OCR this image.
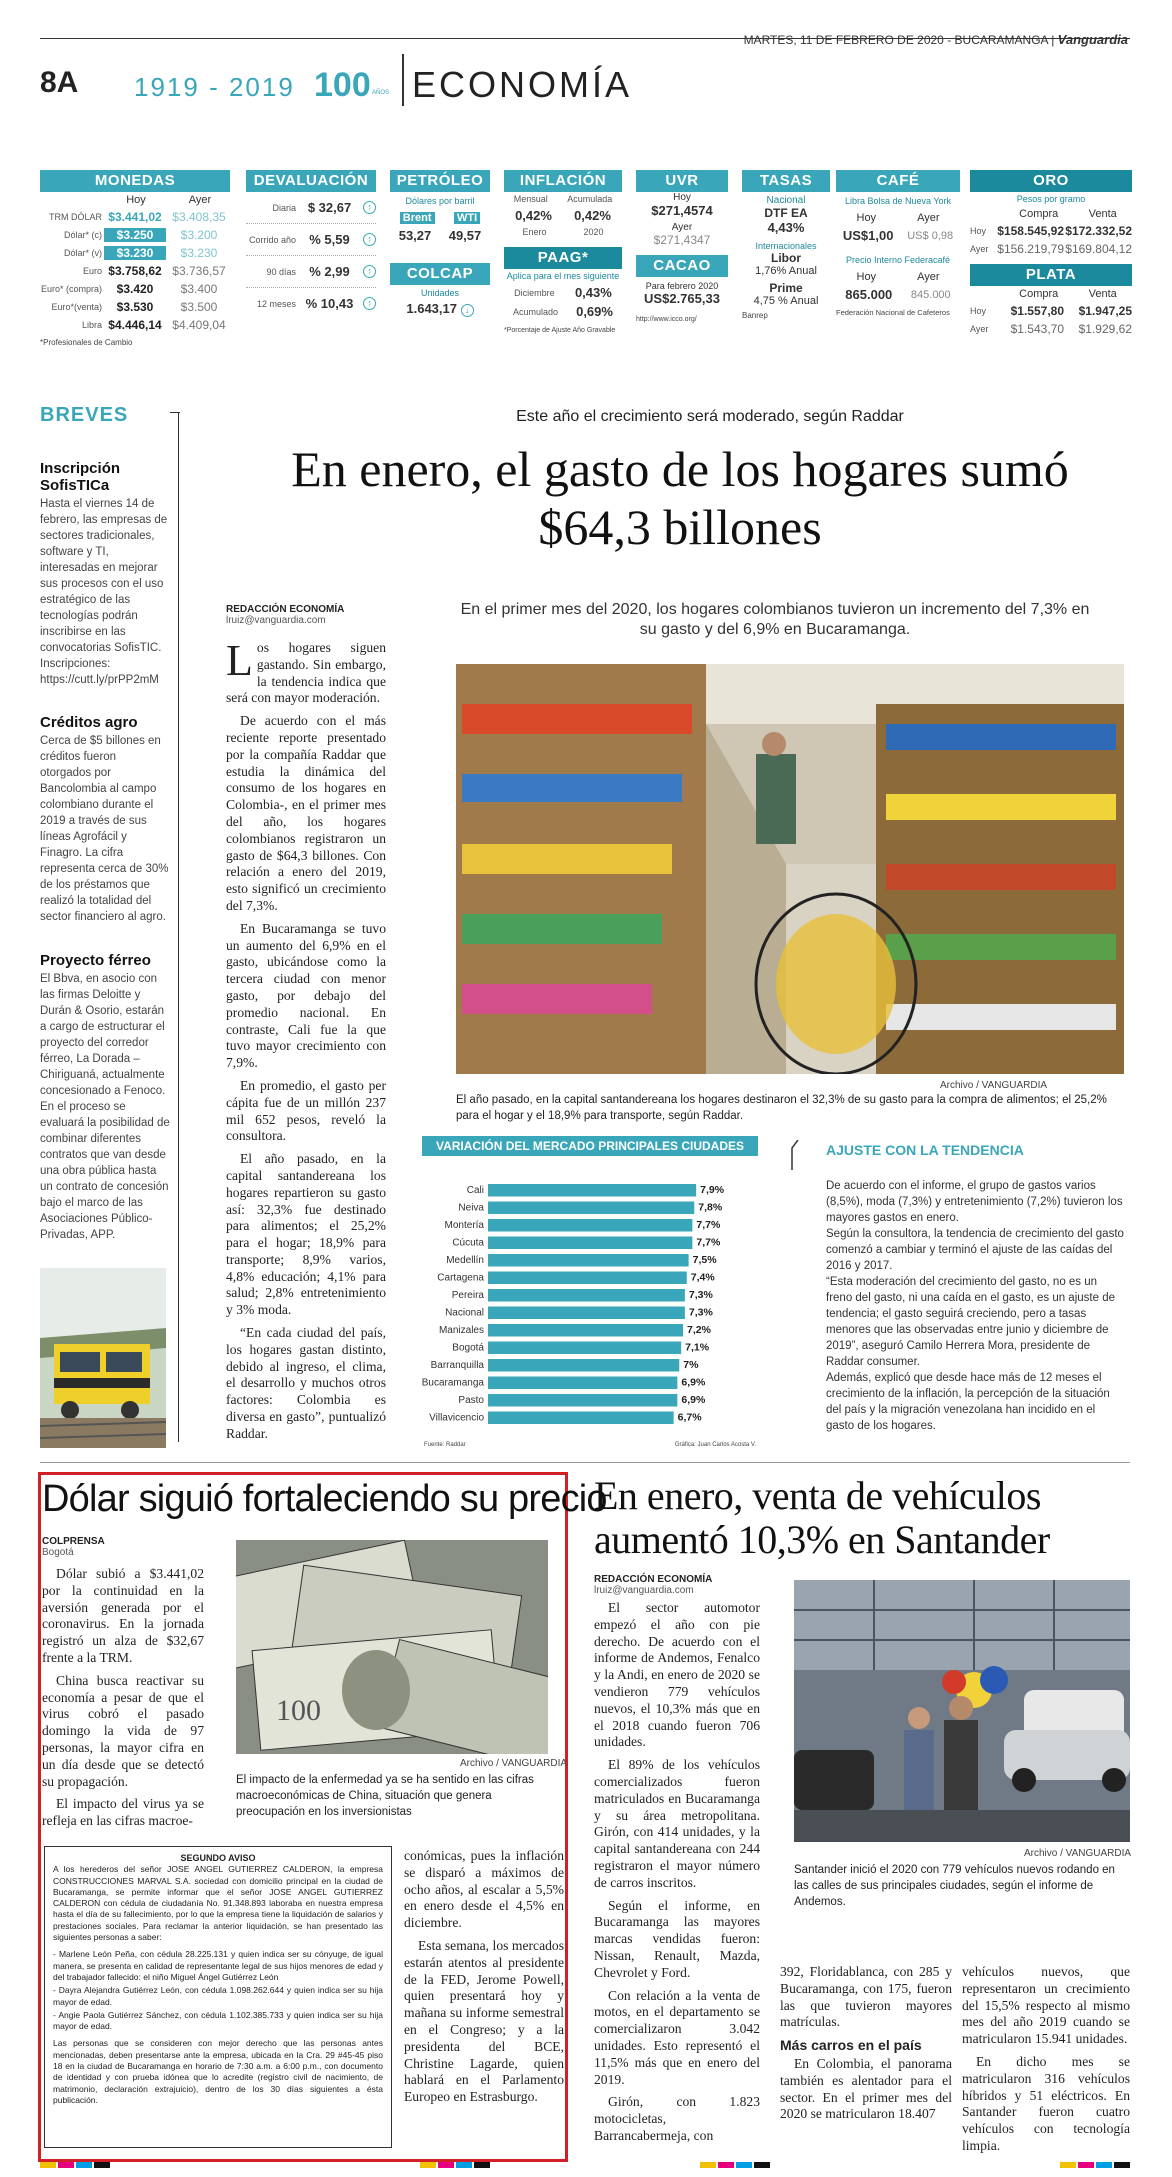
MARTES, 11 DE FEBRERO DE 2020 - BUCARAMANGA | Vanguardia
8A 1919 - 2019 100 AÑOS ECONOMÍA
MONEDAS
Hoy	Ayer
TRM DÓLAR $3.441,02 $3.408,35
Dólar* (c)	$3.250	$3.200
Dólar* (v)	$3.230	$3.230
Euro $3.758,62 $3.736,57
Euro* (compra)	$3.420	$3.400
Euro*(venta)	$3.530	$3.500
Libra $4.446,14 $4.409,04
*Profesionales de Cambio
DEVALUACIÓN
Diaria $ 32,67	↑
Corrido año % 5,59	↑
90 días % 2,99	↑
12 meses % 10,43	↑
PETRÓLEO
Dólares por barril
Brent WTI
53,27 49,57
COLCAP
Unidades
1.643,17 ↓
INFLACIÓN
Mensual Acumulada
0,42% 0,42%
Enero	2020
PAAG*
Aplica para el mes siguiente
Diciembre 0,43%
Acumulado 0,69%
*Porcentaje de Ajuste Año Gravable
UVR
Hoy
$271,4574
Ayer
$271,4347
CACAO
Para febrero 2020
US$2.765,33
http://www.icco.org/
TASAS
Nacional
DTF EA
4,43%
Internacionales
Libor
1,76% Anual
Prime
4,75 % Anual
Banrep
CAFÉ
Libra Bolsa de Nueva York
Hoy	Ayer
US$1,00 US$ 0,98
Precio Interno Federacafé
Hoy	Ayer
865.000 845.000
Federación Nacional de Cafeteros
ORO
Pesos por gramo
Compra	Venta
Hoy $158.545,92 $172.332,52
Ayer $156.219,79 $169.804,12
PLATA
Compra	Venta
Hoy	$1.557,80 $1.947,25
Ayer	$1.543,70 $1.929,62
BREVES
Inscripción SofisTICa

Hasta el viernes 14 de febrero, las empresas de sectores tradicionales, software y TI, interesadas en mejorar sus procesos con el uso estratégico de las tecnologías podrán inscribirse en las convocatorias SofisTIC. Inscripciones: https://cutt.ly/prPP2mM

Créditos agro

Cerca de $5 billones en créditos fueron otorgados por Bancolombia al campo colombiano durante el 2019 a través de sus líneas Agrofácil y Finagro. La cifra representa cerca de 30% de los préstamos que realizó la totalidad del sector financiero al agro.

Proyecto férreo

El Bbva, en asocio con las firmas Deloitte y Durán & Osorio, estarán a cargo de estructurar el proyecto del corredor férreo, La Dorada – Chiriguaná, actualmente concesionado a Fenoco. En el proceso se evaluará la posibilidad de combinar diferentes contratos que van desde una obra pública hasta un contrato de concesión bajo el marco de las Asociaciones Público-Privadas, APP.

Este año el crecimiento será moderado, según Raddar
En enero, el gasto de los hogares sumó $64,3 billones
REDACCIÓN ECONOMÍA
lruiz@vanguardia.com
En el primer mes del 2020, los hogares colombianos tuvieron un incremento del 7,3% en su gasto y del 6,9% en Bucaramanga.

Los hogares siguen gastando. Sin embargo, la tendencia indica que será con mayor moderación.

De acuerdo con el más reciente reporte presentado por la compañía Raddar que estudia la dinámica del consumo de los hogares en Colombia-, en el primer mes del año, los hogares colombianos registraron un gasto de $64,3 billones. Con relación a enero del 2019, esto significó un crecimiento del 7,3%.

En Bucaramanga se tuvo un aumento del 6,9% en el gasto, ubicándose como la tercera ciudad con menor gasto, por debajo del promedio nacional. En contraste, Cali fue la que tuvo mayor crecimiento con 7,9%.

En promedio, el gasto per cápita fue de un millón 237 mil 652 pesos, reveló la consultora.

El año pasado, en la capital santandereana los hogares repartieron su gasto así: 32,3% fue destinado para alimentos; el 25,2% para el hogar; 18,9% para transporte; 8,9% varios, 4,8% educación; 4,1% para salud; 2,8% entretenimiento y 3% moda.

“En cada ciudad del país, los hogares gastan distinto, debido al ingreso, el clima, el desarrollo y muchos otros factores: Colombia es diversa en gasto”, puntualizó Raddar.

Archivo / VANGUARDIA
El año pasado, en la capital santandereana los hogares destinaron el 32,3% de su gasto para la compra de alimentos; el 25,2% para el hogar y el 18,9% para transporte, según Raddar.
VARIACIÓN DEL MERCADO PRINCIPALES CIUDADES
Cali	7,9%
Neiva	7,8%
Montería	7,7%
Cúcuta	7,7%
Medellín	7,5%
Cartagena	7,4%
Pereira	7,3%
Nacional	7,3%
Manizales	7,2%
Bogotá	7,1%
Barranquilla	7%
Bucaramanga	6,9%
Pasto	6,9%
Villavicencio	6,7%
Fuente: Raddar	Gráfica: Juan Carlos Acosta V.
AJUSTE CON LA TENDENCIA

De acuerdo con el informe, el grupo de gastos varios (8,5%), moda (7,3%) y entretenimiento (7,2%) tuvieron los mayores gastos en enero.

Según la consultora, la tendencia de crecimiento del gasto comenzó a cambiar y terminó el ajuste de las caídas del 2016 y 2017.

“Esta moderación del crecimiento del gasto, no es un freno del gasto, ni una caída en el gasto, es un ajuste de tendencia; el gasto seguirá creciendo, pero a tasas menores que las observadas entre junio y diciembre de 2019”, aseguró Camilo Herrera Mora, presidente de Raddar consumer.

Además, explicó que desde hace más de 12 meses el crecimiento de la inflación, la percepción de la situación del país y la migración venezolana han incidido en el gasto de los hogares.

Dólar siguió fortaleciendo su precio
COLPRENSA
Bogotá

Dólar subió a $3.441,02 por la continuidad en la aversión generada por el coronavirus. En la jornada registró un alza de $32,67 frente a la TRM.

China busca reactivar su economía a pesar de que el virus cobró el pasado domingo la vida de 97 personas, la mayor cifra en un día desde que se detectó su propagación.

El impacto del virus ya se refleja en las cifras macroe-

100
Archivo / VANGUARDIA
El impacto de la enfermedad ya se ha sentido en las cifras macroeconómicas de China, situación que genera preocupación en los inversionistas
SEGUNDO AVISO

A los herederos del señor JOSE ANGEL GUTIERREZ CALDERON, la empresa CONSTRUCCIONES MARVAL S.A. sociedad con domicilio principal en la ciudad de Bucaramanga, se permite informar que el señor JOSE ANGEL GUTIERREZ CALDERON con cédula de ciudadanía No. 91.348.893 laboraba en nuestra empresa hasta el día de su fallecimiento, por lo que la empresa tiene la liquidación de salarios y prestaciones sociales. Para reclamar la anterior liquidación, se han presentado las siguientes personas a saber:

- Marlene León Peña, con cédula 28.225.131 y quien indica ser su cónyuge, de igual manera, se presenta en calidad de representante legal de sus hijos menores de edad y del trabajador fallecido: el niño Miguel Ángel Gutiérrez León

- Dayra Alejandra Gutiérrez León, con cédula 1.098.262.644 y quien indica ser su hija mayor de edad.

- Angie Paola Gutiérrez Sánchez, con cédula 1.102.385.733 y quien indica ser su hija mayor de edad.

Las personas que se consideren con mejor derecho que las personas antes mencionadas, deben presentarse ante la empresa, ubicada en la Cra. 29 #45-45 piso 18 en la ciudad de Bucaramanga en horario de 7:30 a.m. a 6:00 p.m., con documento de identidad y con prueba idónea que lo acredite (registro civil de nacimiento, de matrimonio, declaración extrajuicio), dentro de los 30 días siguientes a ésta publicación.

conómicas, pues la inflación se disparó a máximos de ocho años, al escalar a 5,5% en enero desde el 4,5% en diciembre.

Esta semana, los mercados estarán atentos al presidente de la FED, Jerome Powell, quien presentará hoy y mañana su informe semestral en el Congreso; y a la presidenta del BCE, Christine Lagarde, quien hablará en el Parlamento Europeo en Estrasburgo.

En enero, venta de vehículos aumentó 10,3% en Santander
REDACCIÓN ECONOMÍA
lruiz@vanguardia.com

El sector automotor empezó el año con pie derecho. De acuerdo con el informe de Andemos, Fenalco y la Andi, en enero de 2020 se vendieron 779 vehículos nuevos, el 10,3% más que en el 2018 cuando fueron 706 unidades.

El 89% de los vehículos comercializados fueron matriculados en Bucaramanga y su área metropolitana. Girón, con 414 unidades, y la capital santandereana con 244 registraron el mayor número de carros inscritos.

Según el informe, en Bucaramanga las mayores marcas vendidas fueron: Nissan, Renault, Mazda, Chevrolet y Ford.

Con relación a la venta de motos, en el departamento se comercializaron 3.042 unidades. Esto representó el 11,5% más que en enero del 2019.

Girón, con 1.823 motocicletas, Barrancabermeja, con

Archivo / VANGUARDIA
Santander inició el 2020 con 779 vehículos nuevos rodando en las calles de sus principales ciudades, según el informe de Andemos.

392, Floridablanca, con 285 y Bucaramanga, con 175, fueron las que tuvieron mayores matrículas.

Más carros en el país

En Colombia, el panorama también es alentador para el sector. En el primer mes del 2020 se matricularon 18.407

vehículos nuevos, que representaron un crecimiento del 15,5% respecto al mismo mes del año 2019 cuando se matricularon 15.941 unidades.

En dicho mes se matricularon 316 vehículos híbridos y 51 eléctricos. En Santander fueron cuatro vehículos con tecnología limpia.
